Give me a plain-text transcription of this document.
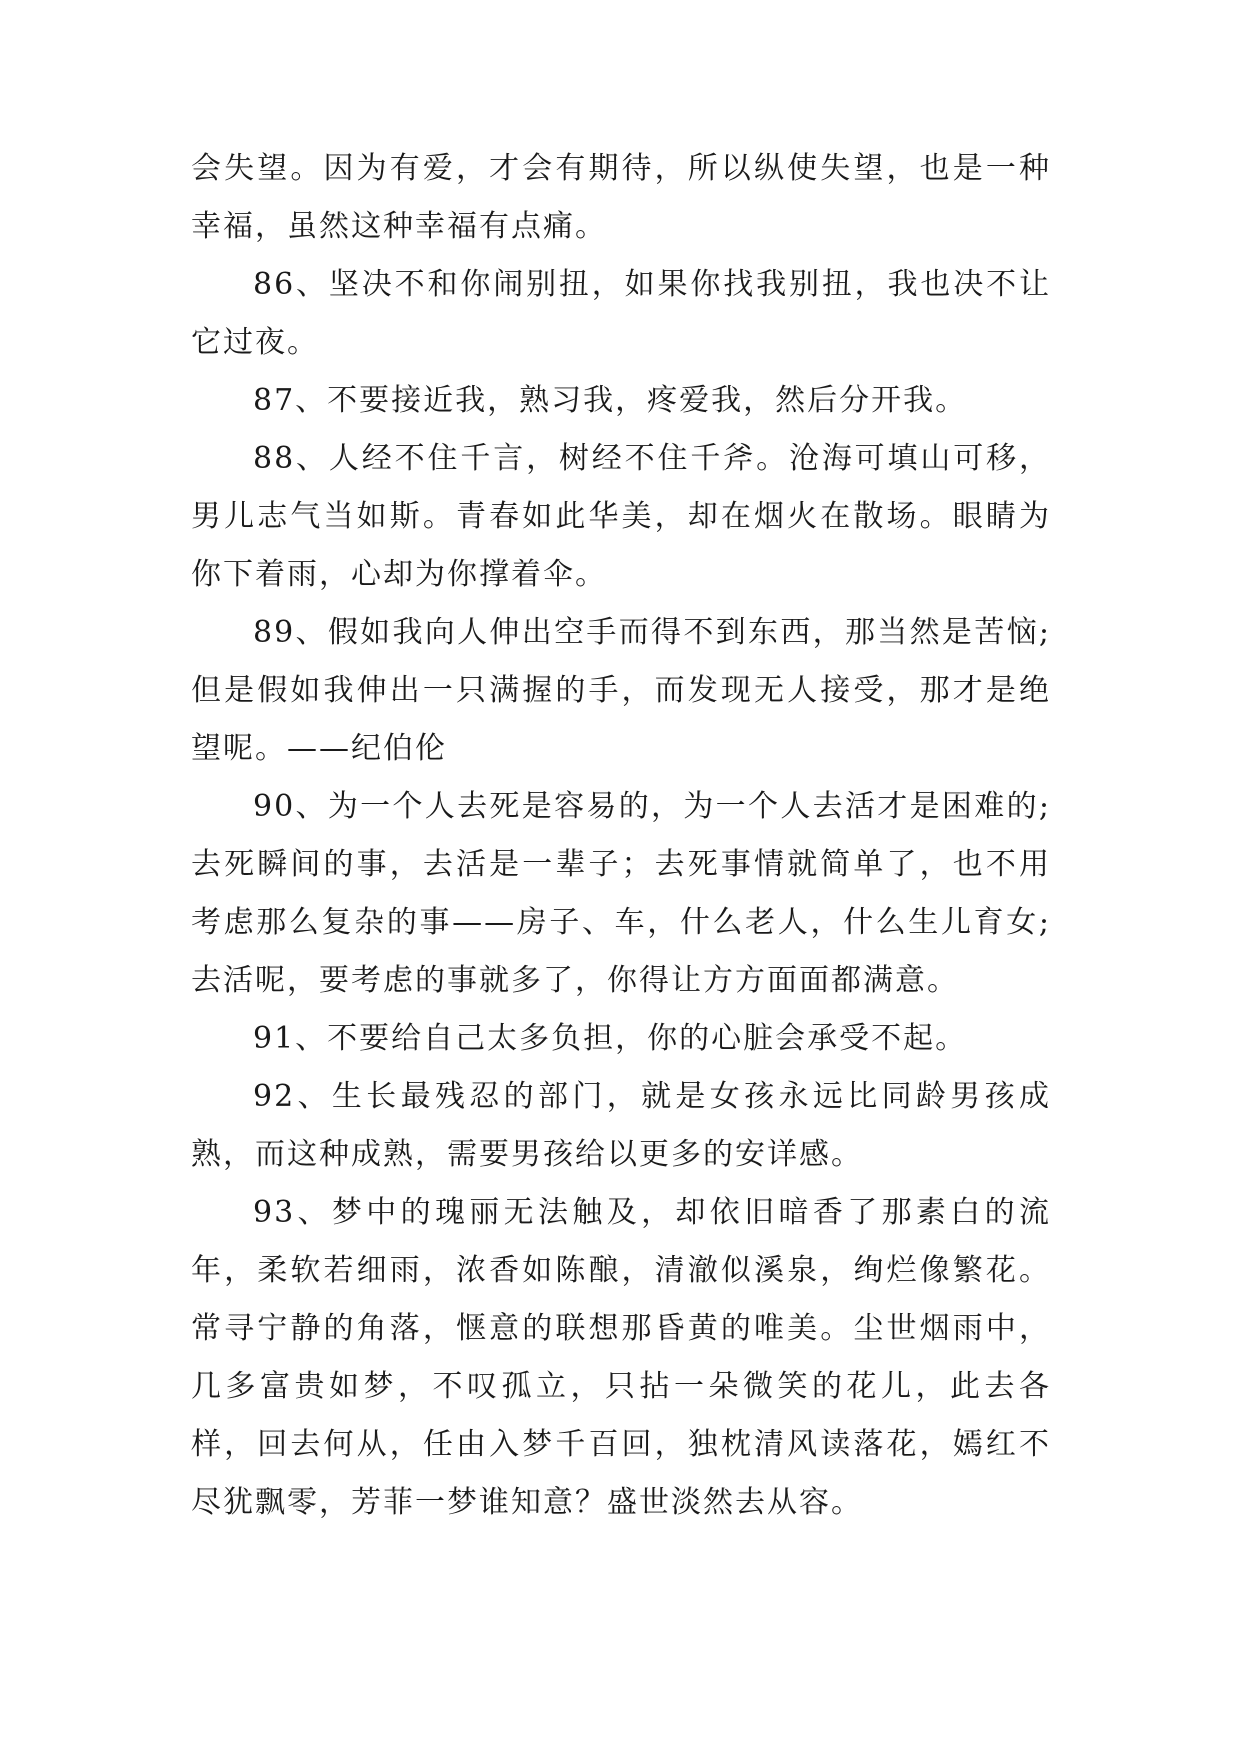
会失望。因为有爱，才会有期待，所以纵使失望，也是一种幸福，虽然这种幸福有点痛。

86、坚决不和你闹别扭，如果你找我别扭，我也决不让它过夜。

87、不要接近我，熟习我，疼爱我，然后分开我。

88、人经不住千言，树经不住千斧。沧海可填山可移，男儿志气当如斯。青春如此华美，却在烟火在散场。眼睛为你下着雨，心却为你撑着伞。

89、假如我向人伸出空手而得不到东西，那当然是苦恼;但是假如我伸出一只满握的手，而发现无人接受，那才是绝望呢。——纪伯伦

90、为一个人去死是容易的，为一个人去活才是困难的;去死瞬间的事，去活是一辈子；去死事情就简单了，也不用考虑那么复杂的事——房子、车，什么老人，什么生儿育女;去活呢，要考虑的事就多了，你得让方方面面都满意。

91、不要给自己太多负担，你的心脏会承受不起。

92、生长最残忍的部门，就是女孩永远比同龄男孩成熟，而这种成熟，需要男孩给以更多的安详感。

93、梦中的瑰丽无法触及，却依旧暗香了那素白的流年，柔软若细雨，浓香如陈酿，清澈似溪泉，绚烂像繁花。常寻宁静的角落，惬意的联想那昏黄的唯美。尘世烟雨中，几多富贵如梦，不叹孤立，只拈一朵微笑的花儿，此去各样，回去何从，任由入梦千百回，独枕清风读落花，嫣红不尽犹飘零，芳菲一梦谁知意？盛世淡然去从容。
